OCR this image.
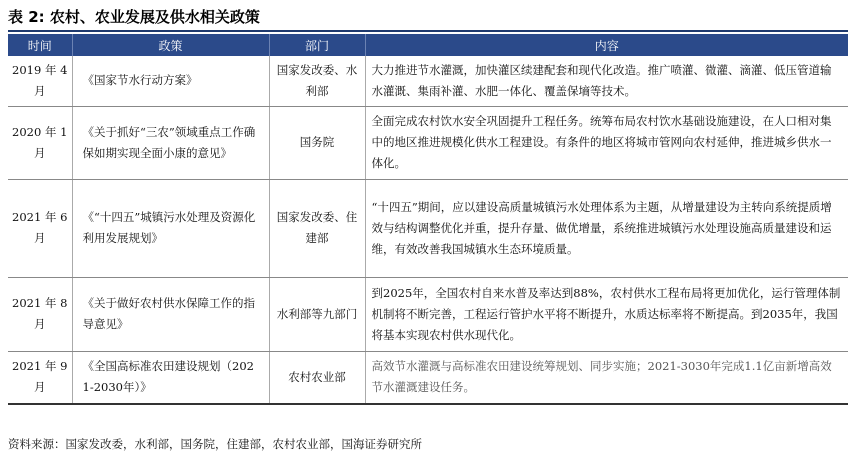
表 2: 农村、农业发展及供水相关政策
时间	政策	部门	内容
2019 年 4 月	《国家节水行动方案》	国家发改委、水利部	大力推进节水灌溉，加快灌区续建配套和现代化改造。推广喷灌、微灌、滴灌、低压管道输水灌溉、集雨补灌、水肥一体化、覆盖保墒等技术。
2020 年 1 月	《关于抓好“三农”领域重点工作确保如期实现全面小康的意见》	国务院	全面完成农村饮水安全巩固提升工程任务。统筹布局农村饮水基础设施建设，在人口相对集中的地区推进规模化供水工程建设。有条件的地区将城市管网向农村延伸，推进城乡供水一体化。
2021 年 6 月	《“十四五”城镇污水处理及资源化利用发展规划》	国家发改委、住建部	“十四五”期间，应以建设高质量城镇污水处理体系为主题，从增量建设为主转向系统提质增效与结构调整优化并重，提升存量、做优增量，系统推进城镇污水处理设施高质量建设和运维，有效改善我国城镇水生态环境质量。
2021 年 8 月	《关于做好农村供水保障工作的指导意见》	水利部等九部门	到2025年，全国农村自来水普及率达到88%，农村供水工程布局将更加优化，运行管理体制机制将不断完善，工程运行管护水平将不断提升，水质达标率将不断提高。到2035年，我国将基本实现农村供水现代化。
2021 年 9 月	《全国高标准农田建设规划（2021-2030年）》	农村农业部	高效节水灌溉与高标准农田建设统筹规划、同步实施；2021-3030年完成1.1亿亩新增高效节水灌溉建设任务。
资料来源：国家发改委，水利部，国务院，住建部，农村农业部，国海证券研究所
